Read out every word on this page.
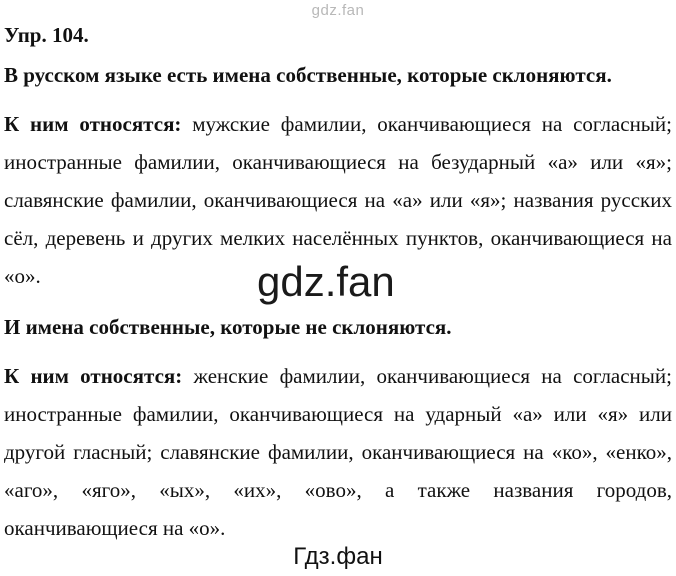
gdz.fan
Упр. 104.
В русском языке есть имена собственные, которые склоняются.
К ним относятся: мужские фамилии, оканчивающиеся на согласный; иностранные фамилии, оканчивающиеся на безударный «а» или «я»; славянские фамилии, оканчивающиеся на «а» или «я»; названия русских сёл, деревень и других мелких населённых пунктов, оканчивающиеся на «о».	gdz.fan
И имена собственные, которые не склоняются.
К ним относятся: женские фамилии, оканчивающиеся на согласный; иностранные фамилии, оканчивающиеся на ударный «а» или «я» или другой гласный; славянские фамилии, оканчивающиеся на «ко», «енко», «аго», «яго», «ых», «их», «ово», а также названия городов, оканчивающиеся на «о».
Гдз.фан
